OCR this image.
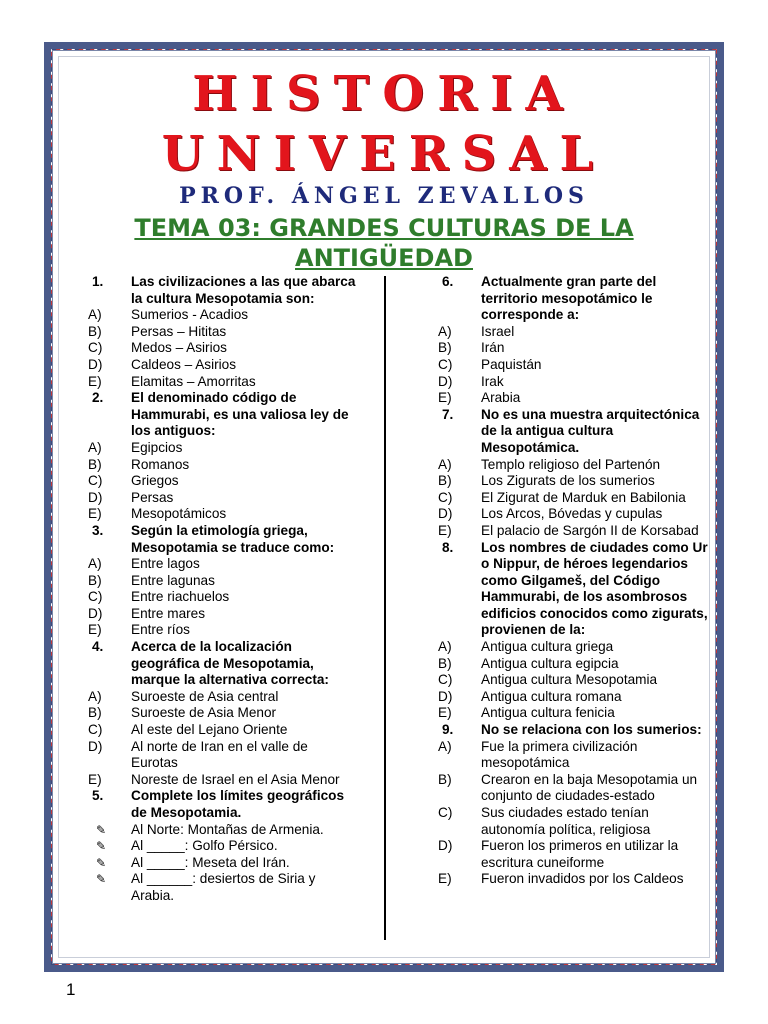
HISTORIA
UNIVERSAL
PROF. ÁNGEL ZEVALLOS
TEMA 03: GRANDES CULTURAS DE LA
ANTIGÜEDAD
1.	Las civilizaciones a las que abarca la cultura Mesopotamia son:
A)	Sumerios - Acadios
B)	Persas – Hititas
C)	Medos – Asirios
D)	Caldeos – Asirios
E)	Elamitas – Amorritas
2.	El denominado código de Hammurabi, es una valiosa ley de los antiguos:
A)	Egipcios
B)	Romanos
C)	Griegos
D)	Persas
E)	Mesopotámicos
3.	Según la etimología griega, Mesopotamia se traduce como:
A)	Entre lagos
B)	Entre lagunas
C)	Entre riachuelos
D)	Entre mares
E)	Entre ríos
4.	Acerca de la localización geográfica de Mesopotamia, marque la alternativa correcta:
A)	Suroeste de Asia central
B)	Suroeste de Asia Menor
C)	Al este del Lejano Oriente
D)	Al norte de Iran en el valle de Eurotas
E)	Noreste de Israel en el Asia Menor
5.	Complete los límites geográficos de Mesopotamia.
✎	Al Norte: Montañas de Armenia.
✎	Al _____: Golfo Pérsico.
✎	Al _____: Meseta del Irán.
✎	Al ______: desiertos de Siria y Arabia.
6.	Actualmente gran parte del territorio mesopotámico le corresponde a:
A)	Israel
B)	Irán
C)	Paquistán
D)	Irak
E)	Arabia
7.	No es una muestra arquitectónica de la antigua cultura Mesopotámica.
A)	Templo religioso del Partenón
B)	Los Zigurats de los sumerios
C)	El Zigurat de Marduk en Babilonia
D)	Los Arcos, Bóvedas y cupulas
E)	El palacio de Sargón II de Korsabad
8.	Los nombres de ciudades como Ur o Nippur, de héroes legendarios como Gilgameš, del Código Hammurabi, de los asombrosos edificios conocidos como zigurats, provienen de la:
A)	Antigua cultura griega
B)	Antigua cultura egipcia
C)	Antigua cultura Mesopotamia
D)	Antigua cultura romana
E)	Antigua cultura fenicia
9.	No se relaciona con los sumerios:
A)	Fue la primera civilización mesopotámica
B)	Crearon en la baja Mesopotamia un conjunto de ciudades-estado
C)	Sus ciudades estado tenían autonomía política, religiosa
D)	Fueron los primeros en utilizar la escritura cuneiforme
E)	Fueron invadidos por los Caldeos
1
